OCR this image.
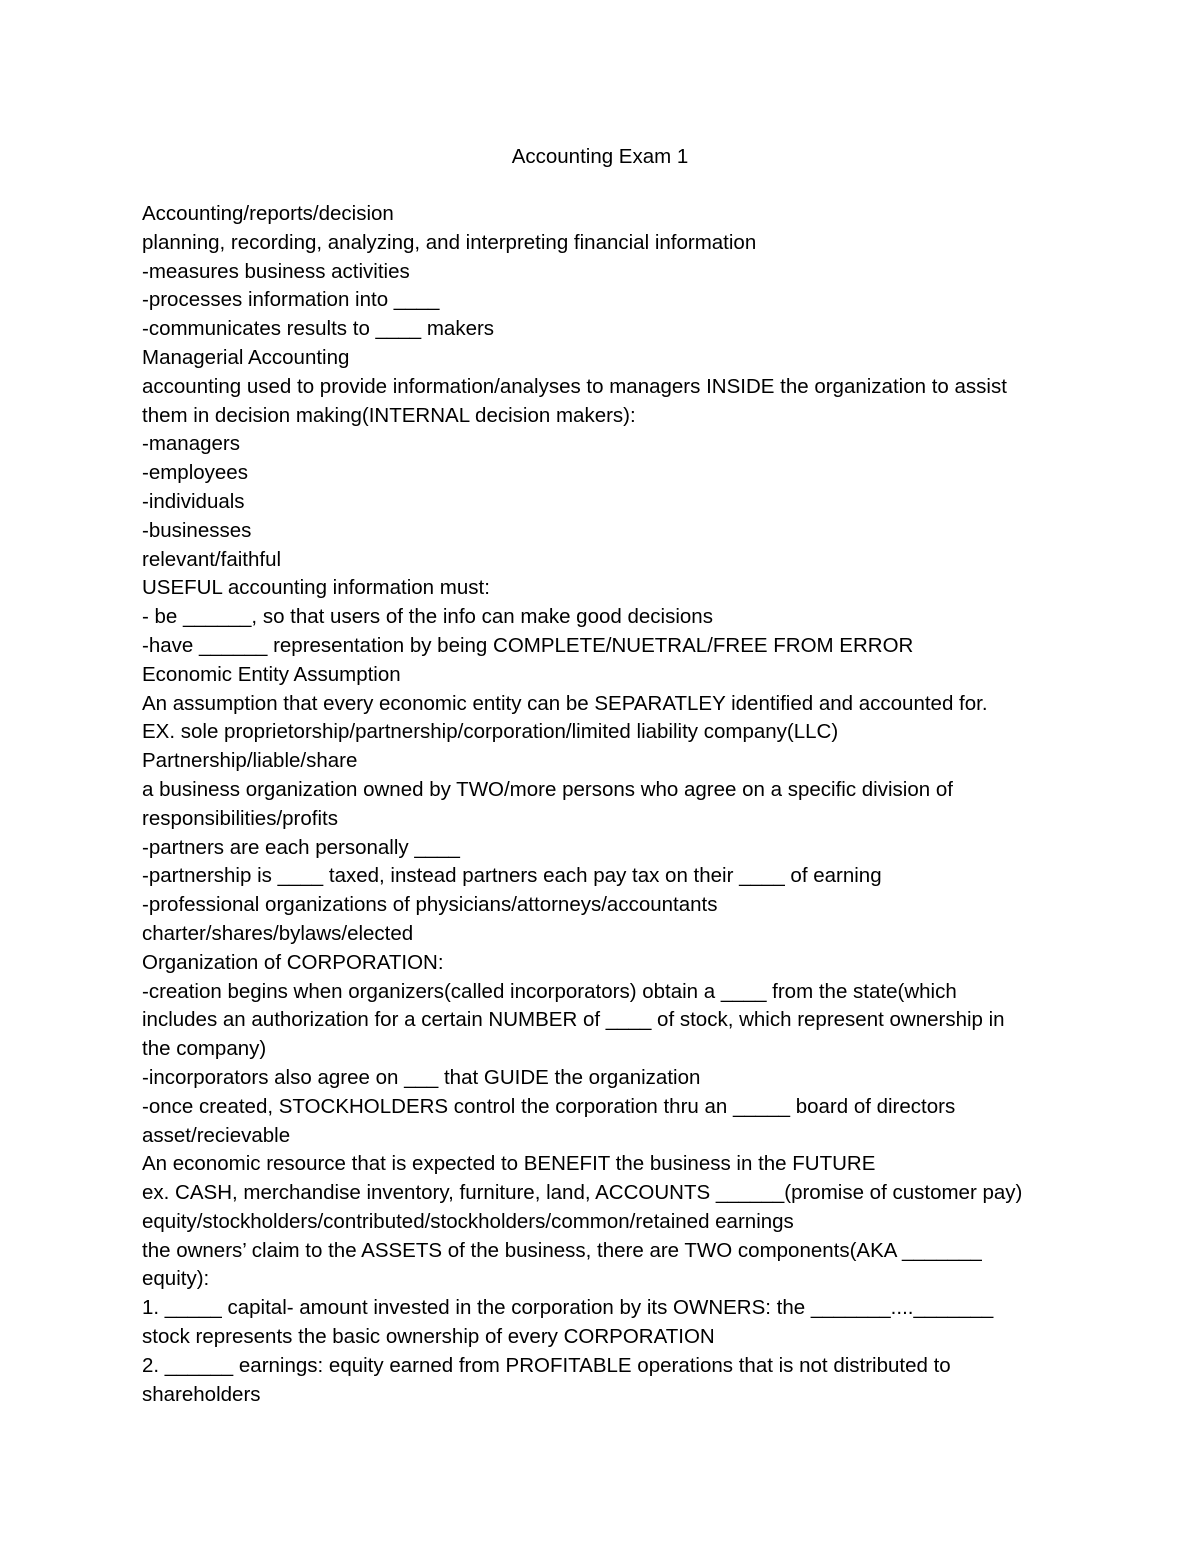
Accounting Exam 1
Accounting/reports/decision
planning, recording, analyzing, and interpreting financial information
-measures business activities
-processes information into ____
-communicates results to ____ makers
Managerial Accounting
accounting used to provide information/analyses to managers INSIDE the organization to assist
them in decision making(INTERNAL decision makers):
-managers
-employees
-individuals
-businesses
relevant/faithful
USEFUL accounting information must:
- be ______, so that users of the info can make good decisions
-have ______ representation by being COMPLETE/NUETRAL/FREE FROM ERROR
Economic Entity Assumption
An assumption that every economic entity can be SEPARATLEY identified and accounted for.
EX. sole proprietorship/partnership/corporation/limited liability company(LLC)
Partnership/liable/share
a business organization owned by TWO/more persons who agree on a specific division of
responsibilities/profits
-partners are each personally ____
-partnership is ____ taxed, instead partners each pay tax on their ____ of earning
-professional organizations of physicians/attorneys/accountants
charter/shares/bylaws/elected
Organization of CORPORATION:
-creation begins when organizers(called incorporators) obtain a ____ from the state(which
includes an authorization for a certain NUMBER of ____ of stock, which represent ownership in
the company)
-incorporators also agree on ___ that GUIDE the organization
-once created, STOCKHOLDERS control the corporation thru an _____ board of directors
asset/recievable
An economic resource that is expected to BENEFIT the business in the FUTURE
ex. CASH, merchandise inventory, furniture, land, ACCOUNTS ______(promise of customer pay)
equity/stockholders/contributed/stockholders/common/retained earnings
the owners’ claim to the ASSETS of the business, there are TWO components(AKA _______
equity):
1. _____ capital- amount invested in the corporation by its OWNERS: the _______...._______
stock represents the basic ownership of every CORPORATION
2. ______ earnings: equity earned from PROFITABLE operations that is not distributed to
shareholders
